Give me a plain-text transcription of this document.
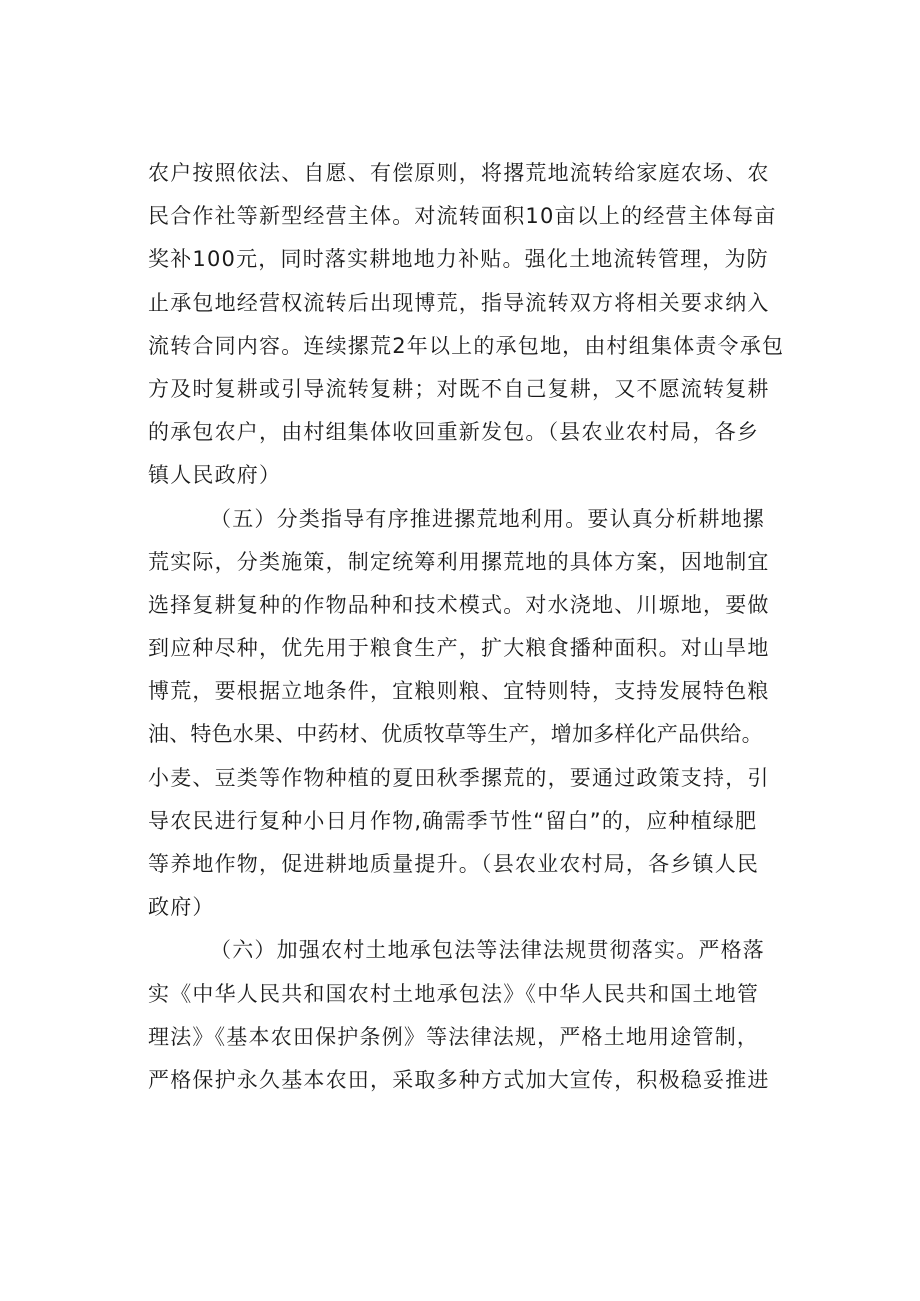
农户按照依法、自愿、有偿原则，将撂荒地流转给家庭农场、农
民合作社等新型经营主体。对流转面积10亩以上的经营主体每亩
奖补100元，同时落实耕地地力补贴。强化土地流转管理，为防
止承包地经营权流转后出现博荒，指导流转双方将相关要求纳入
流转合同内容。连续摞荒2年以上的承包地，由村组集体责令承包
方及时复耕或引导流转复耕；对既不自己复耕，又不愿流转复耕
的承包农户，由村组集体收回重新发包。（县农业农村局，各乡
镇人民政府）
（五）分类指导有序推进摞荒地利用。要认真分析耕地摞
荒实际，分类施策，制定统筹利用摞荒地的具体方案，因地制宜
选择复耕复种的作物品种和技术模式。对水浇地、川塬地，要做
到应种尽种，优先用于粮食生产，扩大粮食播种面积。对山旱地
博荒，要根据立地条件，宜粮则粮、宜特则特，支持发展特色粮
油、特色水果、中药材、优质牧草等生产，增加多样化产品供给。
小麦、豆类等作物种植的夏田秋季摞荒的，要通过政策支持，引
导农民进行复种小日月作物,确需季节性“留白”的，应种植绿肥
等养地作物，促进耕地质量提升。（县农业农村局，各乡镇人民
政府）
（六）加强农村土地承包法等法律法规贯彻落实。严格落
实《中华人民共和国农村土地承包法》《中华人民共和国土地管
理法》《基本农田保护条例》等法律法规，严格土地用途管制，
严格保护永久基本农田，采取多种方式加大宣传，积极稳妥推进
